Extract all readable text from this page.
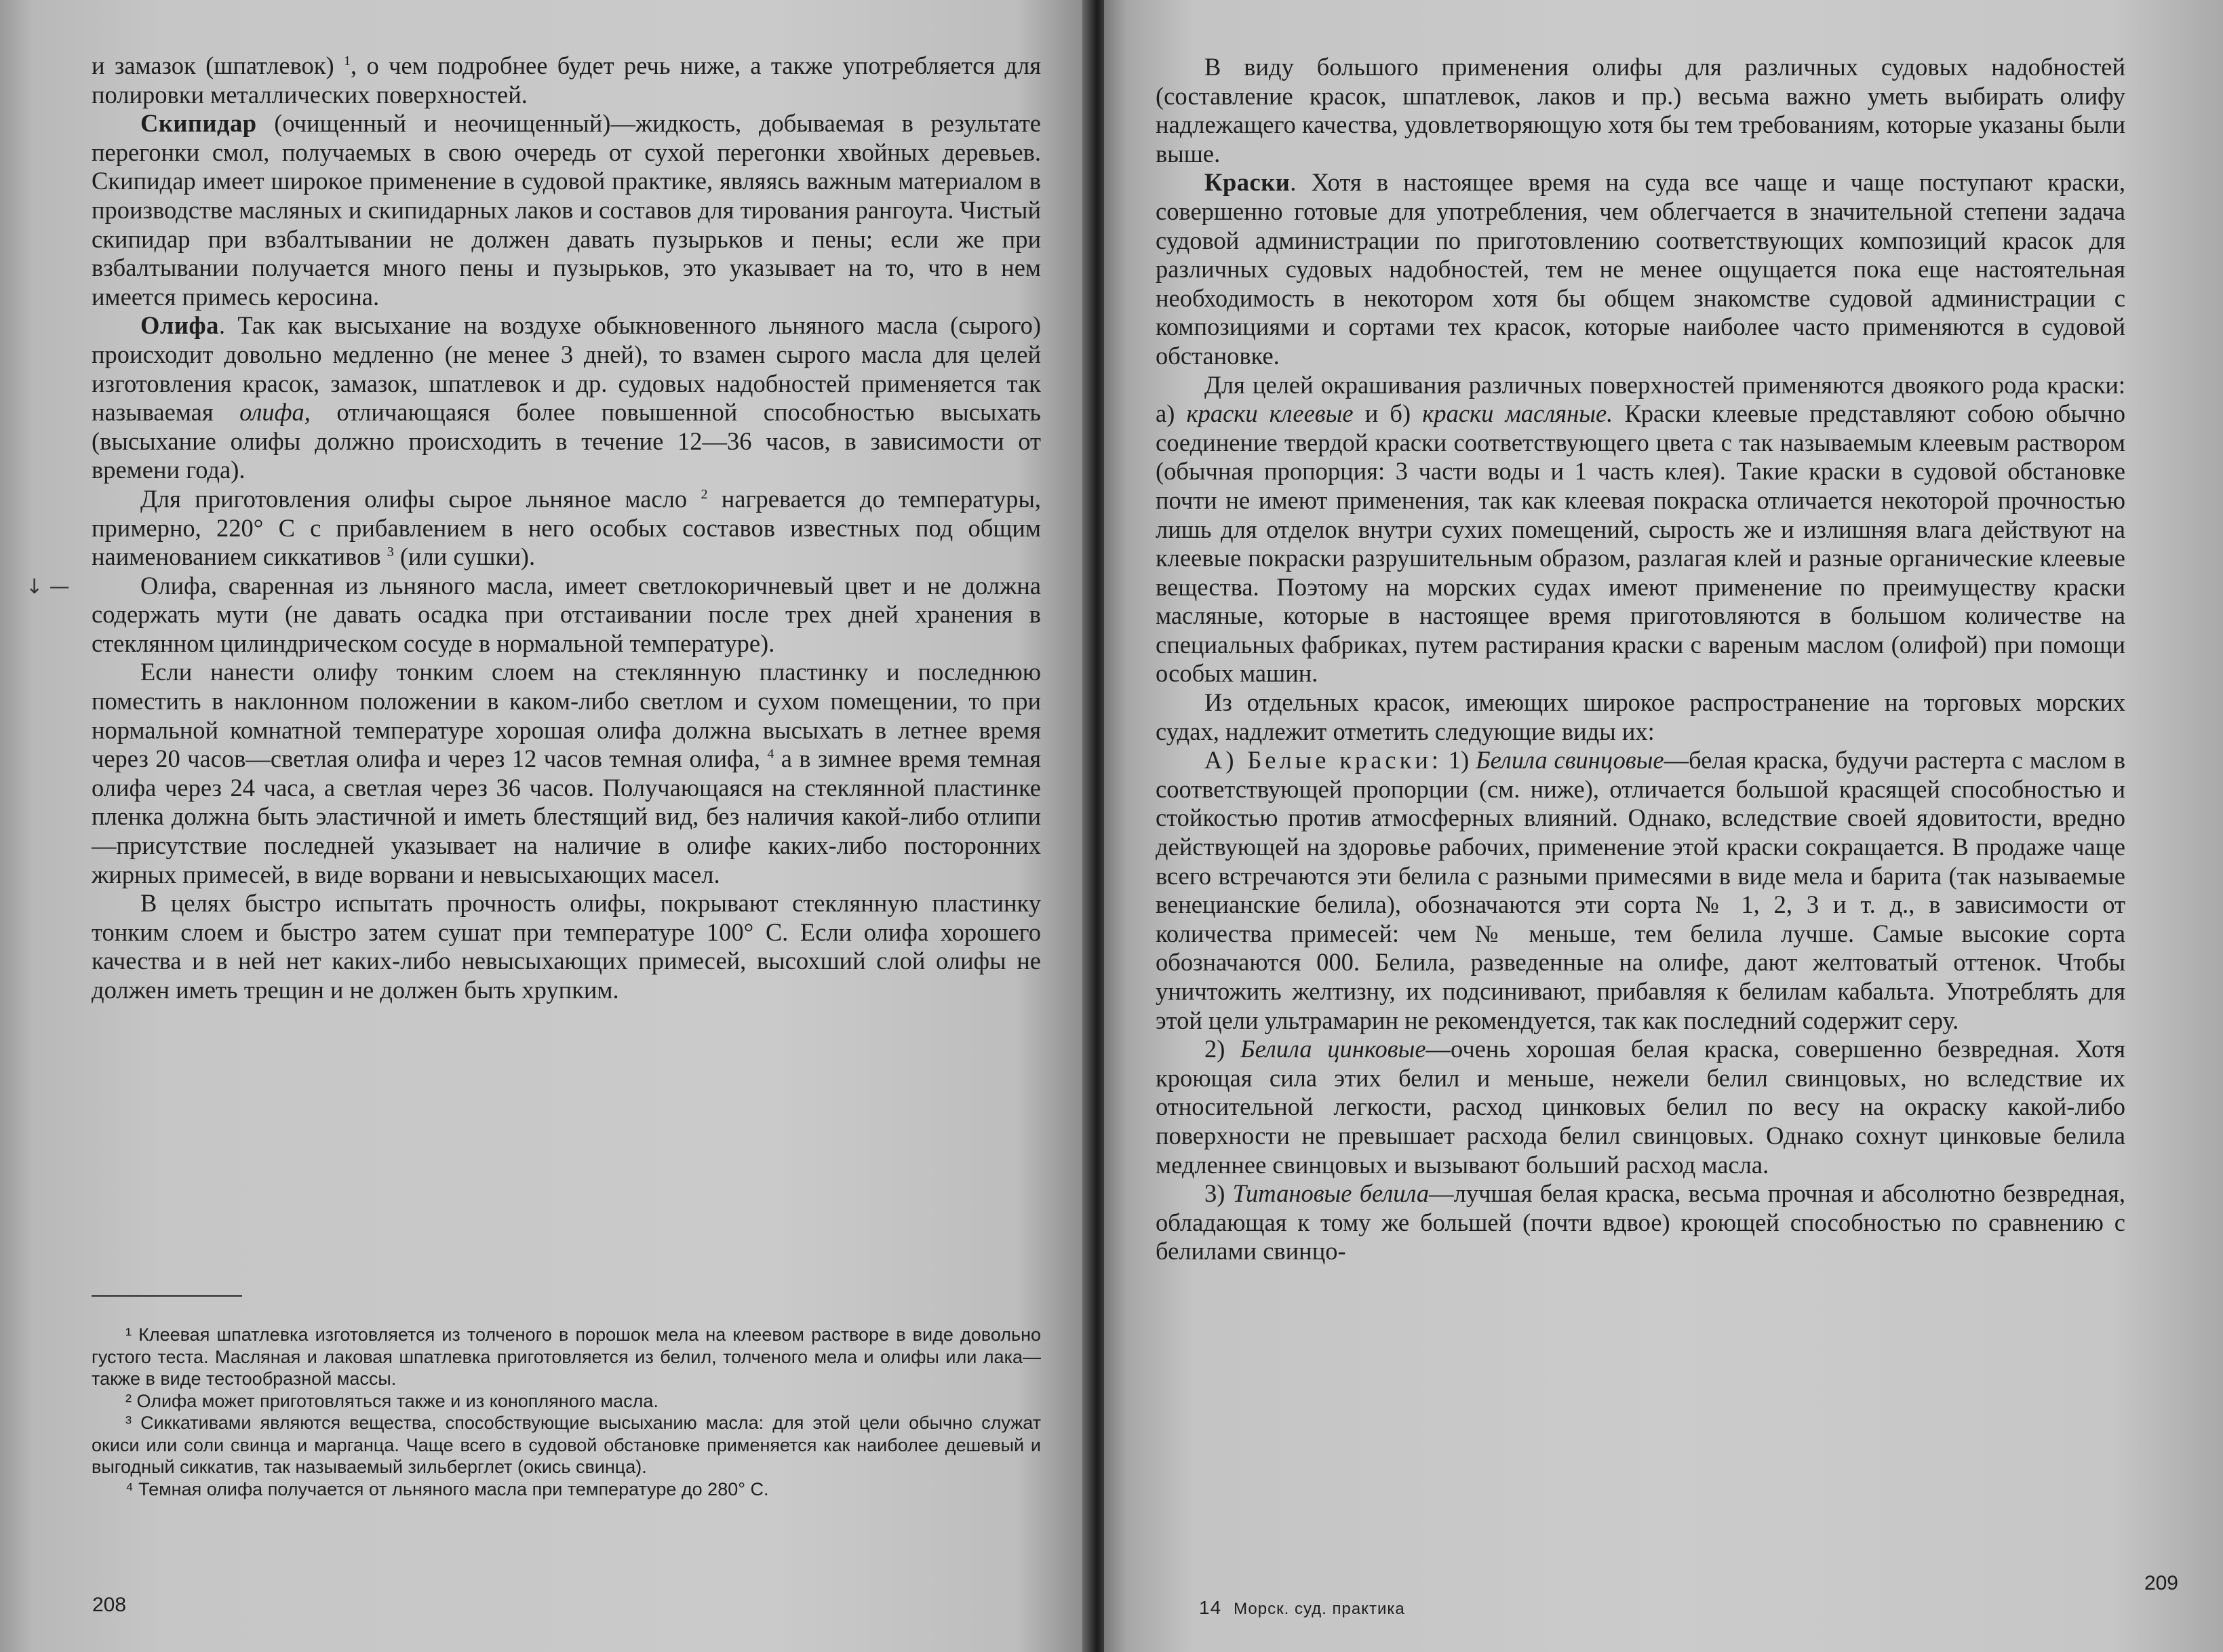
↓ —

и замазок (шпатлевок) $^1$, о чем подробнее будет речь ниже, а также употребляется для полировки металлических поверхностей.

Скипидар (очищенный и неочищенный)—жидкость, добываемая в результате перегонки смол, получаемых в свою очередь от сухой перегонки хвойных деревьев. Скипидар имеет широкое применение в судовой практике, являясь важным материалом в производстве масляных и скипидарных лаков и составов для тирования рангоута. Чистый скипидар при взбалтывании не должен давать пузырьков и пены; если же при взбалтывании получается много пены и пузырьков, это указывает на то, что в нем имеется примесь керосина.

Олифа. Так как высыхание на воздухе обыкновенного льняного масла (сырого) происходит довольно медленно (не менее 3 дней), то взамен сырого масла для целей изготовления красок, замазок, шпатлевок и др. судовых надобностей применяется так называемая олифа, отличающаяся более повышенной способностью высыхать (высыхание олифы должно происходить в течение 12—36 часов, в зависимости от времени года).

Для приготовления олифы сырое льняное масло $^2$ нагревается до температуры, примерно, 220° С с прибавлением в него особых составов известных под общим наименованием сиккативов $^3$ (или сушки).

Олифа, сваренная из льняного масла, имеет светлокоричневый цвет и не должна содержать мути (не давать осадка при отстаивании после трех дней хранения в стеклянном цилиндрическом сосуде в нормальной температуре).

Если нанести олифу тонким слоем на стеклянную пластинку и последнюю поместить в наклонном положении в каком-либо светлом и сухом помещении, то при нормальной комнатной температуре хорошая олифа должна высыхать в летнее время через 20 часов—светлая олифа и через 12 часов темная олифа, $^4$ а в зимнее время темная олифа через 24 часа, а светлая через 36 часов. Получающаяся на стеклянной пластинке пленка должна быть эластичной и иметь блестящий вид, без наличия какой-либо отлипи—присутствие последней указывает на наличие в олифе каких-либо посторонних жирных примесей, в виде ворвани и невысыхающих масел.

В целях быстро испытать прочность олифы, покрывают стеклянную пластинку тонким слоем и быстро затем сушат при температуре 100° С. Если олифа хорошего качества и в ней нет каких-либо невысыхающих примесей, высохший слой олифы не должен иметь трещин и не должен быть хрупким.

¹ Клеевая шпатлевка изготовляется из толченого в порошок мела на клеевом растворе в виде довольно густого теста. Масляная и лаковая шпатлевка приготовляется из белил, толченого мела и олифы или лака—также в виде тестообразной массы.

² Олифа может приготовляться также и из конопляного масла.

³ Сиккативами являются вещества, способствующие высыханию масла: для этой цели обычно служат окиси или соли свинца и марганца. Чаще всего в судовой обстановке применяется как наиболее дешевый и выгодный сиккатив, так называемый зильберглет (окись свинца).

⁴ Темная олифа получается от льняного масла при температуре до 280° С.

208

В виду большого применения олифы для различных судовых надобностей (составление красок, шпатлевок, лаков и пр.) весьма важно уметь выбирать олифу надлежащего качества, удовлетворяющую хотя бы тем требованиям, которые указаны были выше.

Краски. Хотя в настоящее время на суда все чаще и чаще поступают краски, совершенно готовые для употребления, чем облегчается в значительной степени задача судовой администрации по приготовлению соответствующих композиций красок для различных судовых надобностей, тем не менее ощущается пока еще настоятельная необходимость в некотором хотя бы общем знакомстве судовой администрации с композициями и сортами тех красок, которые наиболее часто применяются в судовой обстановке.

Для целей окрашивания различных поверхностей применяются двоякого рода краски: а) краски клеевые и б) краски масляные. Краски клеевые представляют собою обычно соединение твердой краски соответствующего цвета с так называемым клеевым раствором (обычная пропорция: 3 части воды и 1 часть клея). Такие краски в судовой обстановке почти не имеют применения, так как клеевая покраска отличается некоторой прочностью лишь для отделок внутри сухих помещений, сырость же и излишняя влага действуют на клеевые покраски разрушительным образом, разлагая клей и разные органические клеевые вещества. Поэтому на морских судах имеют применение по преимуществу краски масляные, которые в настоящее время приготовляются в большом количестве на специальных фабриках, путем растирания краски с вареным маслом (олифой) при помощи особых машин.

Из отдельных красок, имеющих широкое распространение на торговых морских судах, надлежит отметить следующие виды их:

А) Белые краски: 1) Белила свинцовые—белая краска, будучи растерта с маслом в соответствующей пропорции (см. ниже), отличается большой красящей способностью и стойкостью против атмосферных влияний. Однако, вследствие своей ядовитости, вредно действующей на здоровье рабочих, применение этой краски сокращается. В продаже чаще всего встречаются эти белила с разными примесями в виде мела и барита (так называемые венецианские белила), обозначаются эти сорта № 1, 2, 3 и т. д., в зависимости от количества примесей: чем № меньше, тем белила лучше. Самые высокие сорта обозначаются 000. Белила, разведенные на олифе, дают желтоватый оттенок. Чтобы уничтожить желтизну, их подсинивают, прибавляя к белилам кабальта. Употреблять для этой цели ультрамарин не рекомендуется, так как последний содержит серу.

2) Белила цинковые—очень хорошая белая краска, совершенно безвредная. Хотя кроющая сила этих белил и меньше, нежели белил свинцовых, но вследствие их относительной легкости, расход цинковых белил по весу на окраску какой-либо поверхности не превышает расхода белил свинцовых. Однако сохнут цинковые белила медленнее свинцовых и вызывают больший расход масла.

3) Титановые белила—лучшая белая краска, весьма прочная и абсолютно безвредная, обладающая к тому же большей (почти вдвое) кроющей способностью по сравнению с белилами свинцо-

14 Морск. суд. практика
209
